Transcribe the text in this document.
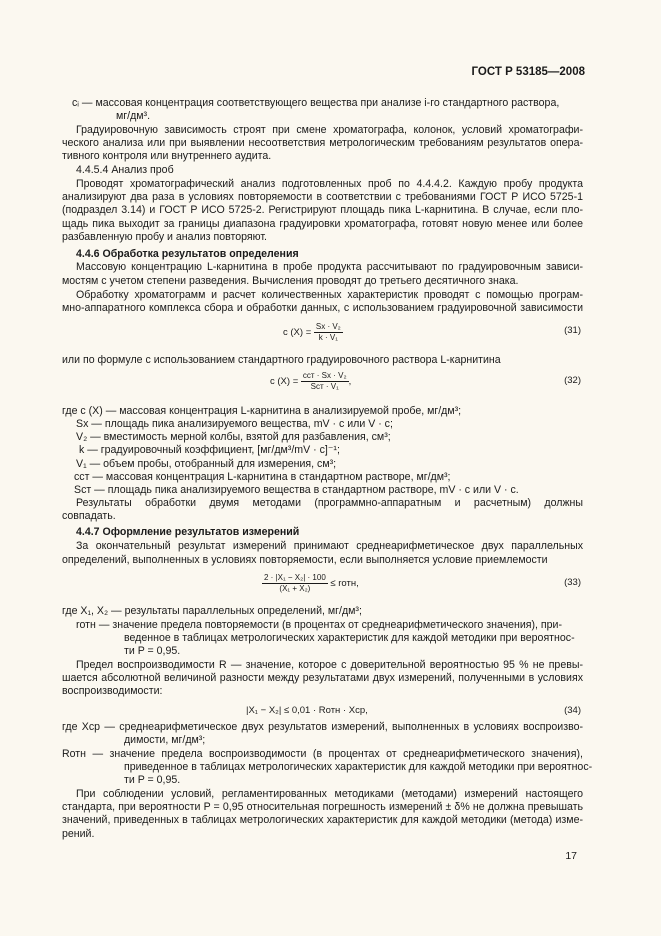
ГОСТ Р 53185—2008
cᵢ — массовая концентрация соответствующего вещества при анализе i-го стандартного раствора,
мг/дм³.
Градуировочную зависимость строят при смене хроматографа, колонок, условий хроматографи-
ческого анализа или при выявлении несоответствия метрологическим требованиям результатов опера-
тивного контроля или внутреннего аудита.
4.4.5.4 Анализ проб
Проводят хроматографический анализ подготовленных проб по 4.4.4.2. Каждую пробу продукта
анализируют два раза в условиях повторяемости в соответствии с требованиями ГОСТ Р ИСО 5725-1
(подраздел 3.14) и ГОСТ Р ИСО 5725-2. Регистрируют площадь пика L-карнитина. В случае, если пло-
щадь пика выходит за границы диапазона градуировки хроматографа, готовят новую менее или более
разбавленную пробу и анализ повторяют.
4.4.6 Обработка результатов определения
Массовую концентрацию L-карнитина в пробе продукта рассчитывают по градуировочным зависи-
мостям с учетом степени разведения. Вычисления проводят до третьего десятичного знака.
Обработку хроматограмм и расчет количественных характеристик проводят с помощью програм-
мно-аппаратного комплекса сбора и обработки данных, с использованием градуировочной зависимости
c $(X) = \frac{\text{Sx · V₂}}{\text{k · V₁}}$	(31)
или по формуле с использованием стандартного градуировочного раствора L-карнитина
c $(X) = \frac{\text{cст · Sx · V₂}}{\text{Sст · V₁}}$ ,	(32)
где c (X) — массовая концентрация L-карнитина в анализируемой пробе, мг/дм³;
Sx — площадь пика анализируемого вещества, mV · c или V · c;
V₂ — вместимость мерной колбы, взятой для разбавления, см³;
k — градуировочный коэффициент, [мг/дм³/mV · c]⁻¹;
V₁ — объем пробы, отобранный для измерения, см³;
cст — массовая концентрация L-карнитина в стандартном растворе, мг/дм³;
Sст — площадь пика анализируемого вещества в стандартном растворе, mV · c или V · c.
Результаты обработки двумя методами (программно-аппаратным и расчетным) должны
совпадать.
4.4.7 Оформление результатов измерений
За окончательный результат измерений принимают среднеарифметическое двух параллельных
определений, выполненных в условиях повторяемости, если выполняется условие приемлемости
$\frac{\text{2 · |X₁ − X₂| · 100}}{\text{(X₁ + X₂)}}$ ≤ rотн,	(33)
где X₁, X₂ — результаты параллельных определений, мг/дм³;
rотн — значение предела повторяемости (в процентах от среднеарифметического значения), при-
веденное в таблицах метрологических характеристик для каждой методики при вероятнос-
ти P = 0,95.
Предел воспроизводимости R — значение, которое с доверительной вероятностью 95 % не превы-
шается абсолютной величиной разности между результатами двух измерений, полученными в условиях
воспроизводимости:
|X₁ − X₂| ≤ 0,01 · Rотн · Xср,	(34)
где Xср — среднеарифметическое двух результатов измерений, выполненных в условиях воспроизво-
димости, мг/дм³;
Rотн — значение предела воспроизводимости (в процентах от среднеарифметического значения),
приведенное в таблицах метрологических характеристик для каждой методики при вероятнос-
ти P = 0,95.
При соблюдении условий, регламентированных методиками (методами) измерений настоящего
стандарта, при вероятности P = 0,95 относительная погрешность измерений ± δ% не должна превышать
значений, приведенных в таблицах метрологических характеристик для каждой методики (метода) изме-
рений.
17
